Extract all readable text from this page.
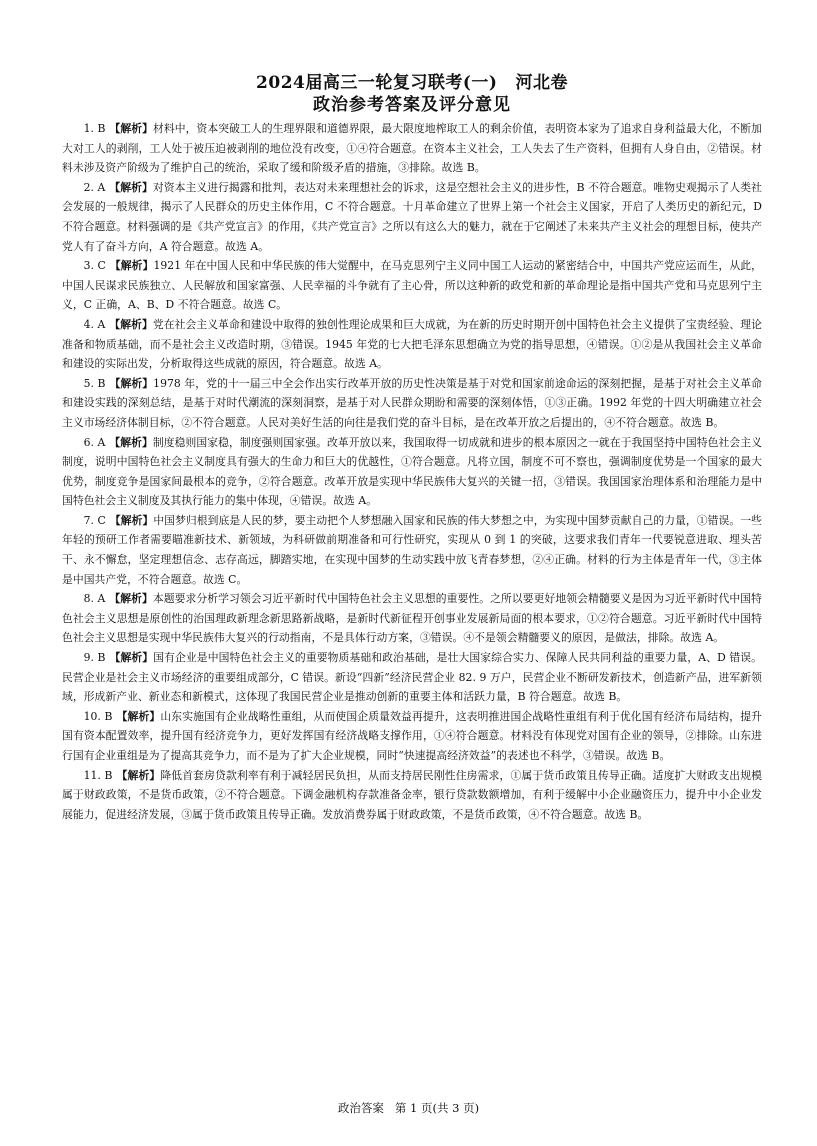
2024届高三一轮复习联考(一) 河北卷
政治参考答案及评分意见

1. B 【解析】材料中，资本突破工人的生理界限和道德界限，最大限度地榨取工人的剩余价值，表明资本家为了追求自身利益最大化，不断加大对工人的剥削，工人处于被压迫被剥削的地位没有改变，①④符合题意。在资本主义社会，工人失去了生产资料，但拥有人身自由，②错误。材料未涉及资产阶级为了维护自己的统治，采取了缓和阶级矛盾的措施，③排除。故选 B。

2. A 【解析】对资本主义进行揭露和批判，表达对未来理想社会的诉求，这是空想社会主义的进步性，B 不符合题意。唯物史观揭示了人类社会发展的一般规律，揭示了人民群众的历史主体作用，C 不符合题意。十月革命建立了世界上第一个社会主义国家，开启了人类历史的新纪元，D 不符合题意。材料强调的是《共产党宣言》的作用，《共产党宣言》之所以有这么大的魅力，就在于它阐述了未来共产主义社会的理想目标，使共产党人有了奋斗方向，A 符合题意。故选 A。

3. C 【解析】1921 年在中国人民和中华民族的伟大觉醒中，在马克思列宁主义同中国工人运动的紧密结合中，中国共产党应运而生，从此，中国人民谋求民族独立、人民解放和国家富强、人民幸福的斗争就有了主心骨，所以这种新的政党和新的革命理论是指中国共产党和马克思列宁主义，C 正确，A、B、D 不符合题意。故选 C。

4. A 【解析】党在社会主义革命和建设中取得的独创性理论成果和巨大成就，为在新的历史时期开创中国特色社会主义提供了宝贵经验、理论准备和物质基础，而不是社会主义改造时期，③错误。1945 年党的七大把毛泽东思想确立为党的指导思想，④错误。①②是从我国社会主义革命和建设的实际出发，分析取得这些成就的原因，符合题意。故选 A。

5. B 【解析】1978 年，党的十一届三中全会作出实行改革开放的历史性决策是基于对党和国家前途命运的深刻把握，是基于对社会主义革命和建设实践的深刻总结，是基于对时代潮流的深刻洞察，是基于对人民群众期盼和需要的深刻体悟，①③正确。1992 年党的十四大明确建立社会主义市场经济体制目标，②不符合题意。人民对美好生活的向往是我们党的奋斗目标，是在改革开放之后提出的，④不符合题意。故选 B。

6. A 【解析】制度稳则国家稳，制度强则国家强。改革开放以来，我国取得一切成就和进步的根本原因之一就在于我国坚持中国特色社会主义制度，说明中国特色社会主义制度具有强大的生命力和巨大的优越性，①符合题意。凡将立国，制度不可不察也，强调制度优势是一个国家的最大优势，制度竞争是国家间最根本的竞争，②符合题意。改革开放是实现中华民族伟大复兴的关键一招，③错误。我国国家治理体系和治理能力是中国特色社会主义制度及其执行能力的集中体现，④错误。故选 A。

7. C 【解析】中国梦归根到底是人民的梦，要主动把个人梦想融入国家和民族的伟大梦想之中，为实现中国梦贡献自己的力量，①错误。一些年轻的预研工作者需要瞄准新技术、新领域，为科研做前期准备和可行性研究，实现从 0 到 1 的突破，这要求我们青年一代要锐意进取、埋头苦干、永不懈怠，坚定理想信念、志存高远，脚踏实地，在实现中国梦的生动实践中放飞青春梦想，②④正确。材料的行为主体是青年一代，③主体是中国共产党，不符合题意。故选 C。

8. A 【解析】本题要求分析学习领会习近平新时代中国特色社会主义思想的重要性。之所以要更好地领会精髓要义是因为习近平新时代中国特色社会主义思想是原创性的治国理政新理念新思路新战略，是新时代新征程开创事业发展新局面的根本要求，①②符合题意。习近平新时代中国特色社会主义思想是实现中华民族伟大复兴的行动指南，不是具体行动方案，③错误。④不是领会精髓要义的原因，是做法，排除。故选 A。

9. B 【解析】国有企业是中国特色社会主义的重要物质基础和政治基础，是壮大国家综合实力、保障人民共同利益的重要力量，A、D 错误。民营企业是社会主义市场经济的重要组成部分，C 错误。新设“四新”经济民营企业 82. 9 万户，民营企业不断研发新技术，创造新产品，进军新领域，形成新产业、新业态和新模式，这体现了我国民营企业是推动创新的重要主体和活跃力量，B 符合题意。故选 B。

10. B 【解析】山东实施国有企业战略性重组，从而使国企质量效益再提升，这表明推进国企战略性重组有利于优化国有经济布局结构，提升国有资本配置效率，提升国有经济竞争力，更好发挥国有经济战略支撑作用，①④符合题意。材料没有体现党对国有企业的领导，②排除。山东进行国有企业重组是为了提高其竞争力，而不是为了扩大企业规模，同时“快速提高经济效益”的表述也不科学，③错误。故选 B。

11. B 【解析】降低首套房贷款利率有利于减轻居民负担，从而支持居民刚性住房需求，①属于货币政策且传导正确。适度扩大财政支出规模属于财政政策，不是货币政策，②不符合题意。下调金融机构存款准备金率，银行贷款数额增加，有利于缓解中小企业融资压力，提升中小企业发展能力，促进经济发展，③属于货币政策且传导正确。发放消费券属于财政政策，不是货币政策，④不符合题意。故选 B。

政治答案 第 1 页(共 3 页)
